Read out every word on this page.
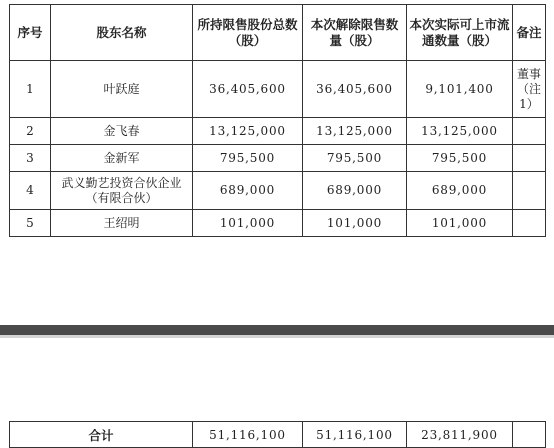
序号	股东名称	所持限售股份总数（股）	本次解除限售数量（股）	本次实际可上市流通数量（股）	备注
1	叶跃庭	36,405,600	36,405,600	9,101,400	董事（注1）
2	金飞春	13,125,000	13,125,000	13,125,000	
3	金新军	795,500	795,500	795,500	
4	武义勤艺投资合伙企业（有限合伙）	689,000	689,000	689,000	
5	王绍明	101,000	101,000	101,000	
合计	51,116,100	51,116,100	23,811,900	
